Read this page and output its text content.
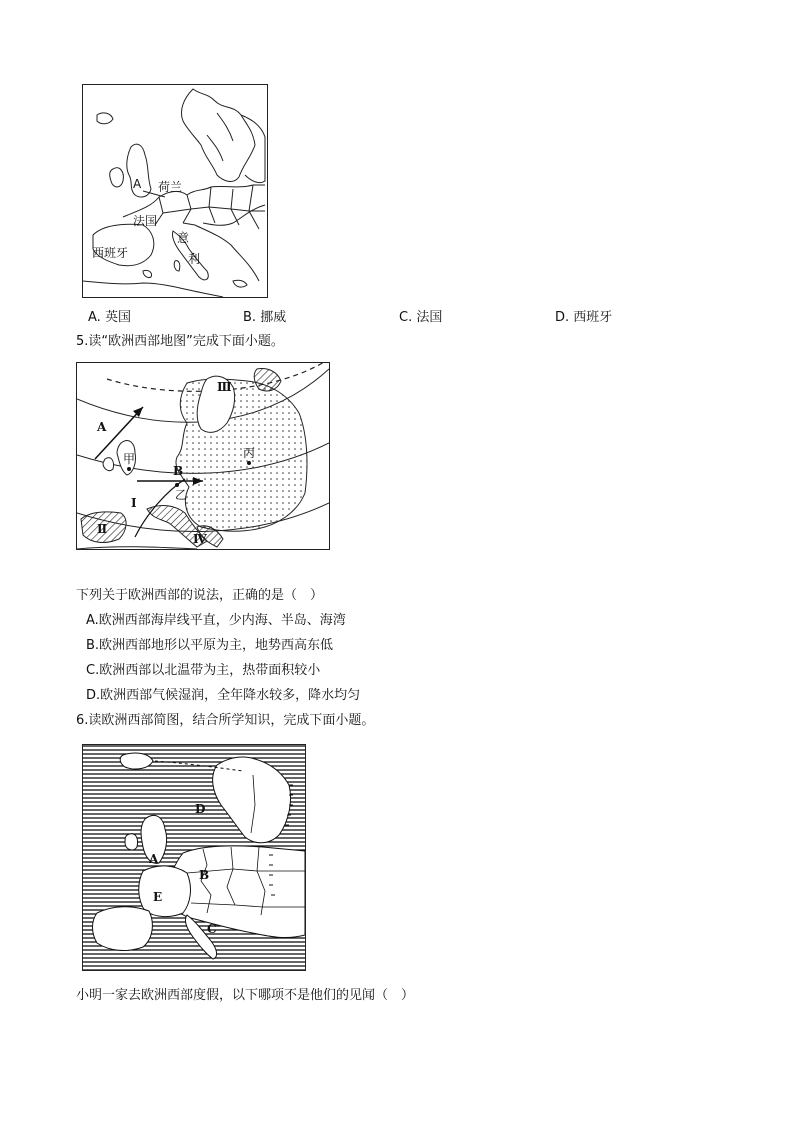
A 荷兰
法国
意
西班牙	利
A. 英国	B. 挪威	C. 法国	D. 西班牙
5.读“欧洲西部地图”完成下面小题。
Ⅲ
A
甲
B
乙
丙
Ⅰ
Ⅱ
Ⅳ
下列关于欧洲西部的说法，正确的是（　）
A.欧洲西部海岸线平直，少内海、半岛、海湾
B.欧洲西部地形以平原为主，地势西高东低
C.欧洲西部以北温带为主，热带面积较小
D.欧洲西部气候湿润，全年降水较多，降水均匀
6.读欧洲西部简图，结合所学知识，完成下面小题。
D
A
B
E
C
小明一家去欧洲西部度假，以下哪项不是他们的见闻（　）
